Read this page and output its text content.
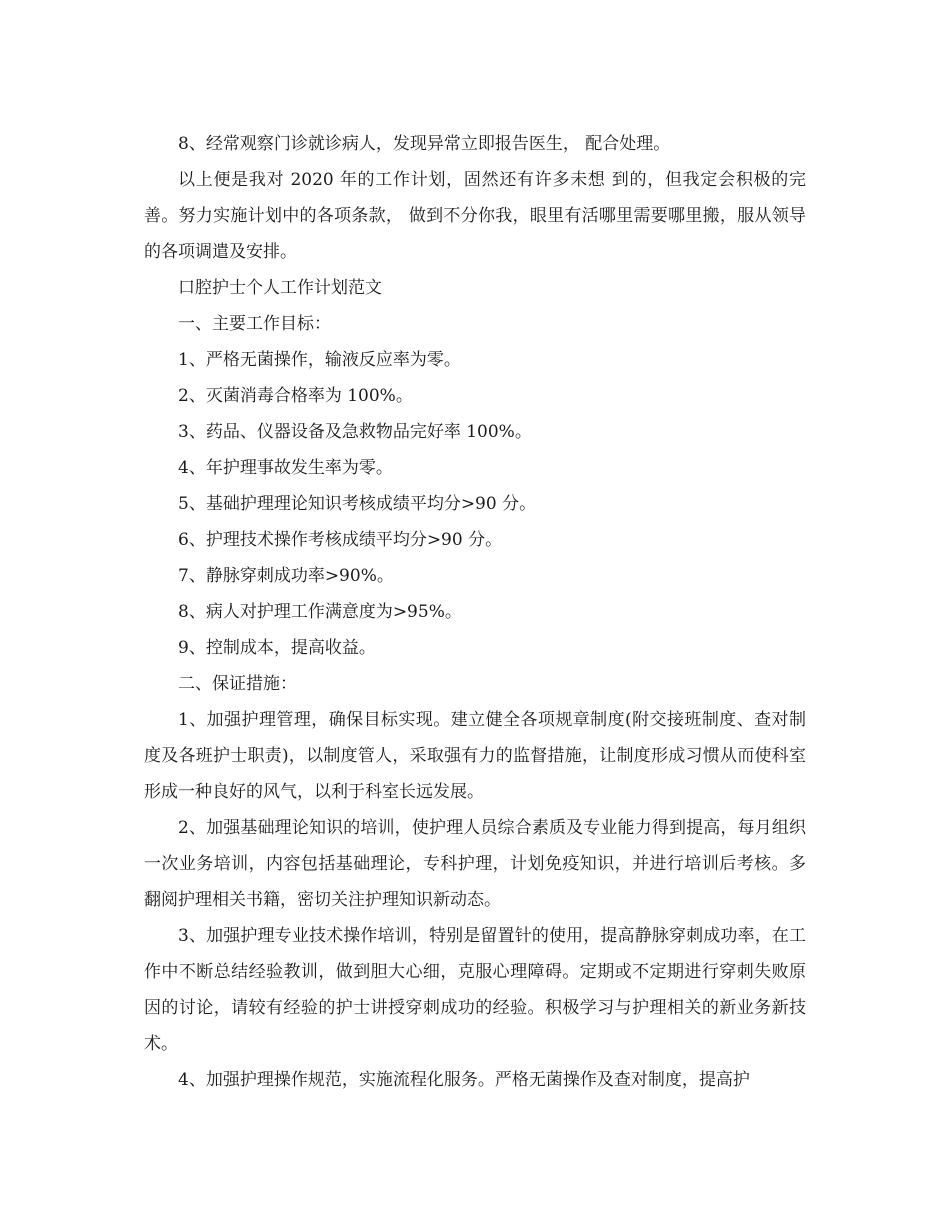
8、经常观察门诊就诊病人，发现异常立即报告医生， 配合处理。

以上便是我对 2020 年的工作计划，固然还有许多未想 到的，但我定会积极的完善。努力实施计划中的各项条款， 做到不分你我，眼里有活哪里需要哪里搬，服从领导的各项调遣及安排。

口腔护士个人工作计划范文

一、主要工作目标：

1、严格无菌操作，输液反应率为零。

2、灭菌消毒合格率为 100%。

3、药品、仪器设备及急救物品完好率 100%。

4、年护理事故发生率为零。

5、基础护理理论知识考核成绩平均分>90 分。

6、护理技术操作考核成绩平均分>90 分。

7、静脉穿刺成功率>90%。

8、病人对护理工作满意度为>95%。

9、控制成本，提高收益。

二、保证措施：

1、加强护理管理，确保目标实现。建立健全各项规章制度(附交接班制度、查对制度及各班护士职责)，以制度管人，采取强有力的监督措施，让制度形成习惯从而使科室形成一种良好的风气，以利于科室长远发展。

2、加强基础理论知识的培训，使护理人员综合素质及专业能力得到提高，每月组织一次业务培训，内容包括基础理论，专科护理，计划免疫知识，并进行培训后考核。多翻阅护理相关书籍，密切关注护理知识新动态。

3、加强护理专业技术操作培训，特别是留置针的使用，提高静脉穿刺成功率，在工作中不断总结经验教训，做到胆大心细，克服心理障碍。定期或不定期进行穿刺失败原因的讨论，请较有经验的护士讲授穿刺成功的经验。积极学习与护理相关的新业务新技术。

4、加强护理操作规范，实施流程化服务。严格无菌操作及查对制度，提高护
